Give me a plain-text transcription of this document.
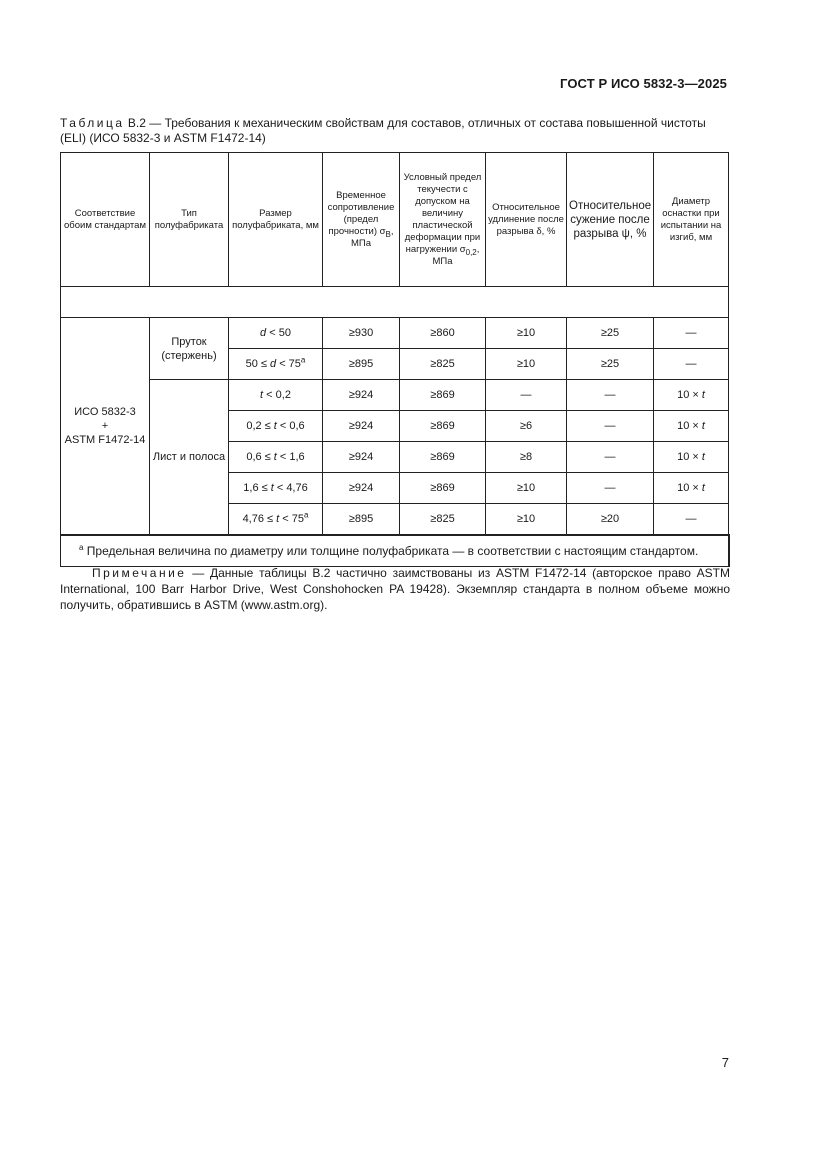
ГОСТ Р ИСО 5832-3—2025
Таблица В.2 — Требования к механическим свойствам для составов, отличных от состава повышенной чистоты (ELI) (ИСО 5832-3 и ASTM F1472-14)
Соответствие обоим стандартам	Тип полуфабриката	Размер полуфабриката, мм	Временное сопротивление (предел прочности) $\sigma_В$, МПа	Условный предел текучести с допуском на величину пластической деформации при нагружении $\sigma_{0,2}$, МПа	Относительное удлинение после разрыва δ, %	Относительное сужение после разрыва ψ, %	Диаметр оснастки при испытании на изгиб, мм

ИСО 5832-3
+
ASTM F1472-14	Пруток (стержень)	d < 50	≥930	≥860	≥10	≥25	—
		$50 \le d < 75^a$	≥895	≥825	≥10	≥25	—
	Лист и полоса	t < 0,2	≥924	≥869	—	—	10 × t
		0,2 ≤ t < 0,6	≥924	≥869	≥6	—	10 × t
		0,6 ≤ t < 1,6	≥924	≥869	≥8	—	10 × t
		1,6 ≤ t < 4,76	≥924	≥869	≥10	—	10 × t
		$4,76 \le t < 75^a$	≥895	≥825	≥10	≥20	—
$^a$ Предельная величина по диаметру или толщине полуфабриката — в соответствии с настоящим стандартом.							
Примечание — Данные таблицы В.2 частично заимствованы из ASTM F1472-14 (авторское право ASTM International, 100 Barr Harbor Drive, West Conshohocken PA 19428). Экземпляр стандарта в полном объеме можно получить, обратившись в ASTM (www.astm.org).
7
